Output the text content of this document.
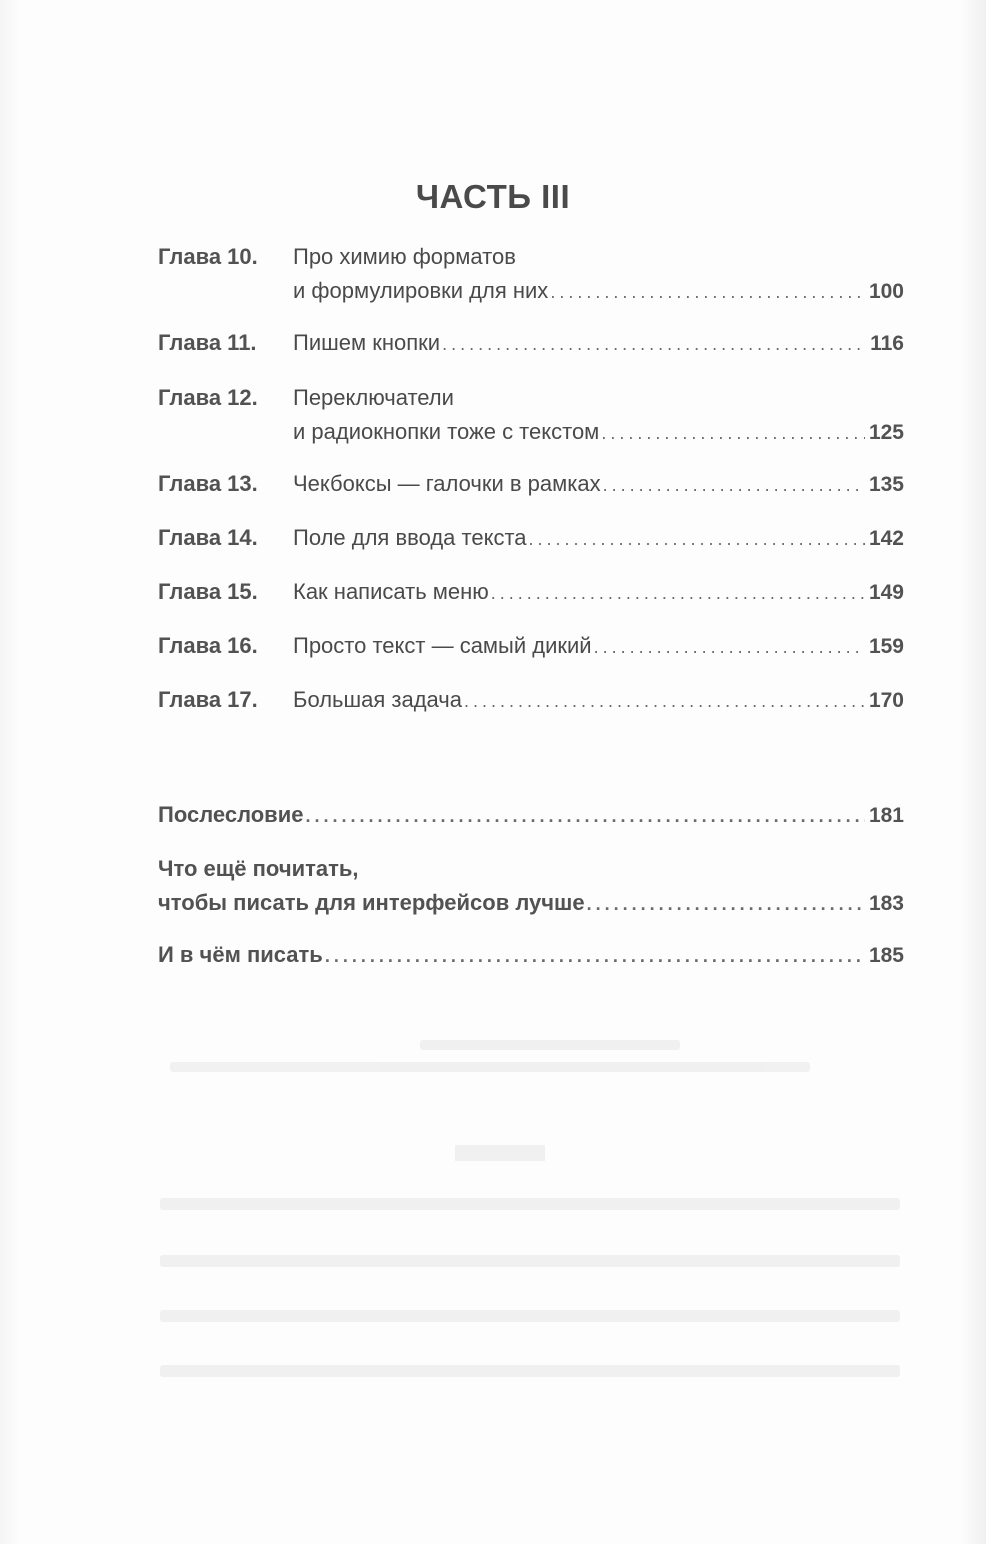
ЧАСТЬ III
Глава 10. Про химию форматов
и формулировки для них . . .	100
Глава 11. Пишем кнопки . . .	116
Глава 12. Переключатели
и радиокнопки тоже с текстом . . .	125
Глава 13. Чекбоксы — галочки в рамках . . .	135
Глава 14. Поле для ввода текста . . .	142
Глава 15. Как написать меню . . .	149
Глава 16. Просто текст — самый дикий . . .	159
Глава 17. Большая задача . . .	170
Послесловие . . .	181
Что ещё почитать,
чтобы писать для интерфейсов лучше . . .	183
И в чём писать . . .	185
